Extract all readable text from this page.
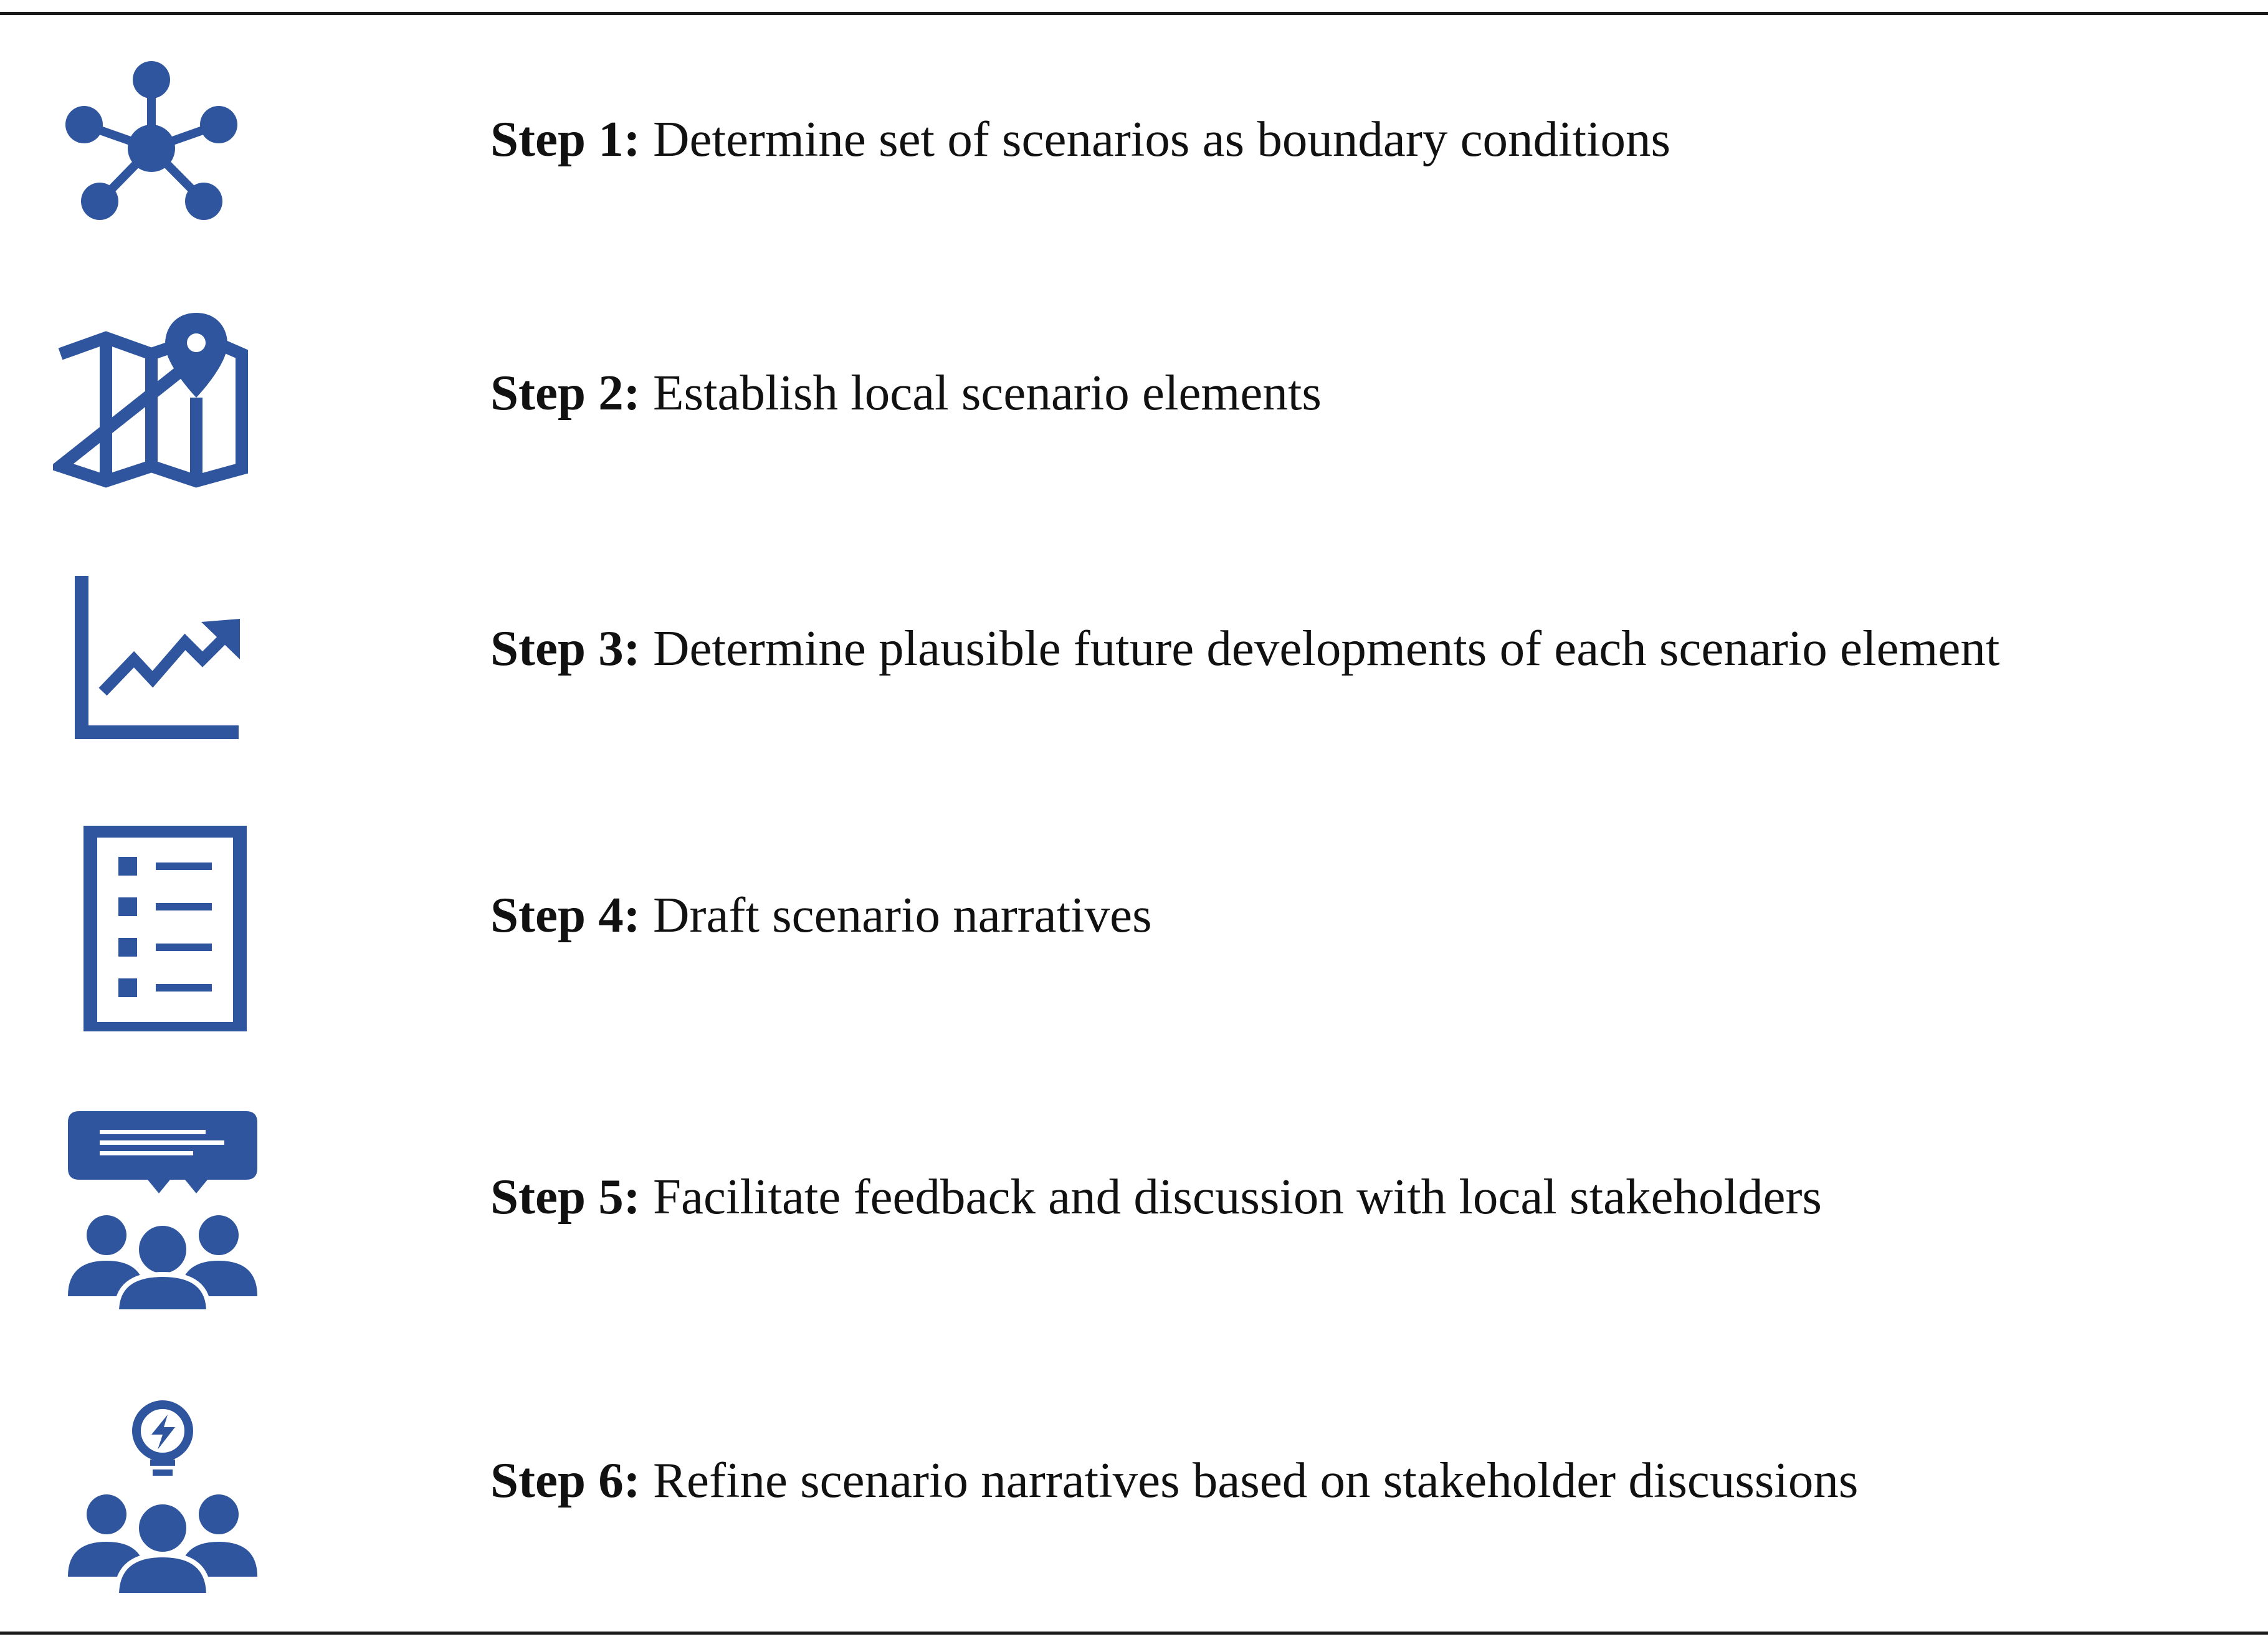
Step 1: Determine set of scenarios as boundary conditions
Step 2: Establish local scenario elements
Step 3: Determine plausible future developments of each scenario element
Step 4: Draft scenario narratives
Step 5: Facilitate feedback and discussion with local stakeholders
Step 6: Refine scenario narratives based on stakeholder discussions
